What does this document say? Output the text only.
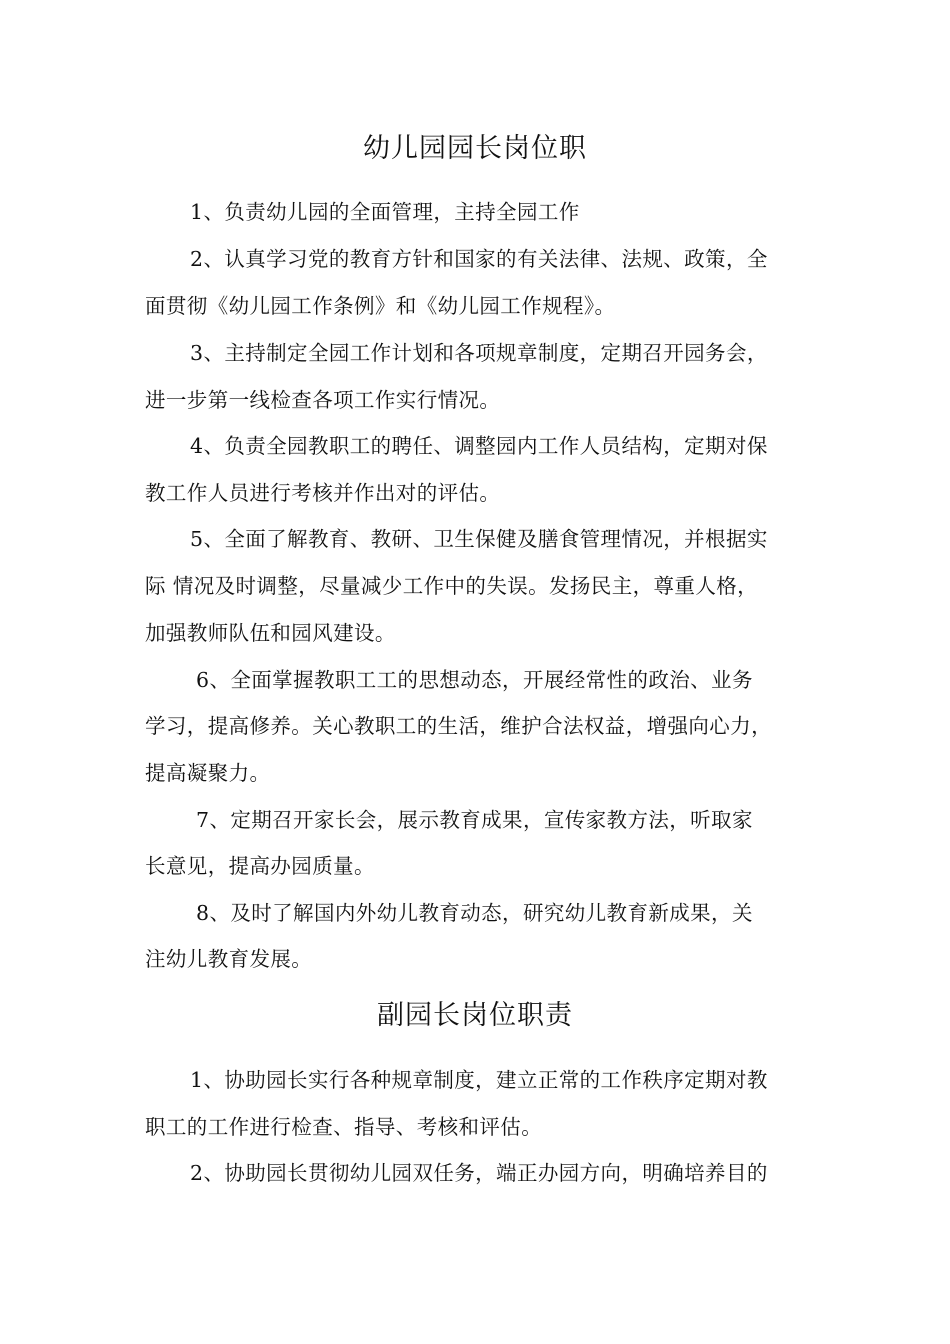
幼儿园园长岗位职
1、负责幼儿园的全面管理，主持全园工作
2、认真学习党的教育方针和国家的有关法律、法规、政策，全
面贯彻《幼儿园工作条例》和《幼儿园工作规程》。
3、主持制定全园工作计划和各项规章制度，定期召开园务会，
进一步第一线检查各项工作实行情况。
4、负责全园教职工的聘任、调整园内工作人员结构，定期对保
教工作人员进行考核并作出对的评估。
5、全面了解教育、教研、卫生保健及膳食管理情况，并根据实
际 情况及时调整，尽量减少工作中的失误。发扬民主，尊重人格，
加强教师队伍和园风建设。
6、全面掌握教职工工的思想动态，开展经常性的政治、业务
学习，提高修养。关心教职工的生活，维护合法权益，增强向心力，
提高凝聚力。
7、定期召开家长会，展示教育成果，宣传家教方法，听取家
长意见，提高办园质量。
8、及时了解国内外幼儿教育动态，研究幼儿教育新成果，关
注幼儿教育发展。
副园长岗位职责
1、协助园长实行各种规章制度，建立正常的工作秩序定期对教
职工的工作进行检查、指导、考核和评估。
2、协助园长贯彻幼儿园双任务，端正办园方向，明确培养目的
